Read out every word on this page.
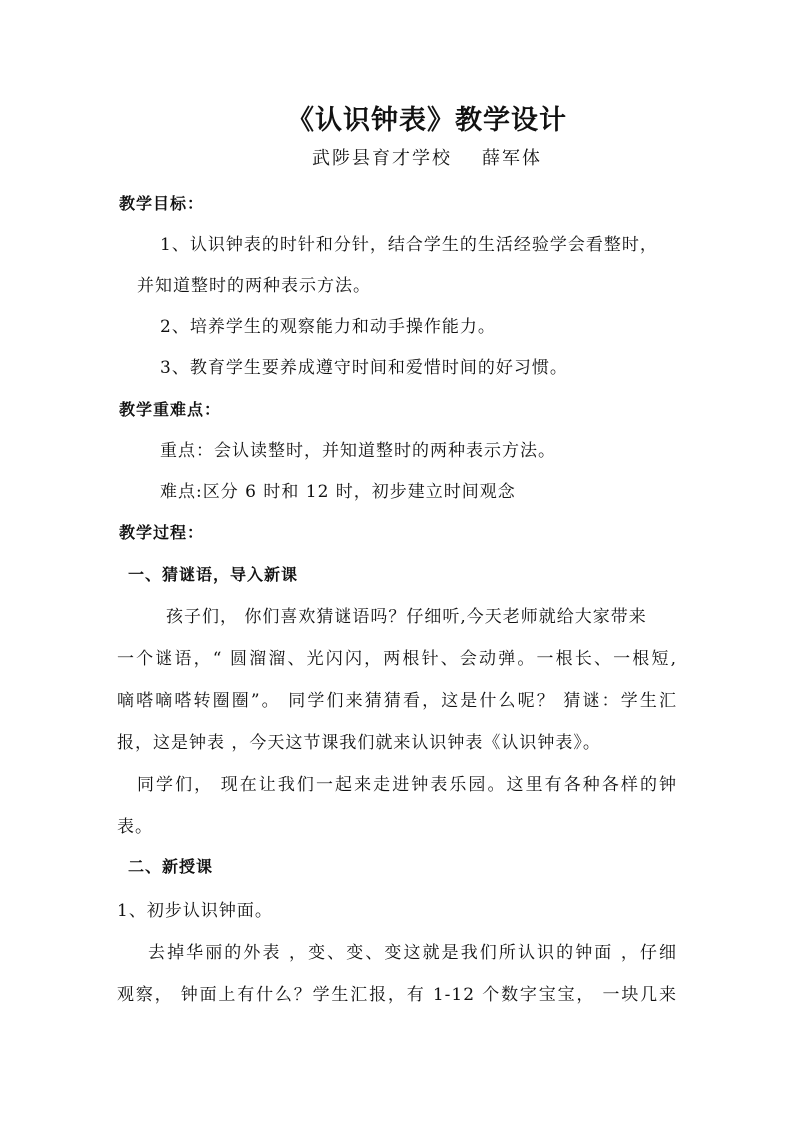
《认识钟表》教学设计
武陟县育才学校 薛军体
教学目标：
1、认识钟表的时针和分针，结合学生的生活经验学会看整时，
并知道整时的两种表示方法。
2、培养学生的观察能力和动手操作能力。
3、教育学生要养成遵守时间和爱惜时间的好习惯。
教学重难点：
重点：会认读整时，并知道整时的两种表示方法。
难点:区分 6 时和 12 时，初步建立时间观念
教学过程：
一、猜谜语，导入新课
孩子们， 你们喜欢猜谜语吗？仔细听,今天老师就给大家带来
一个谜语，“ 圆溜溜、光闪闪，两根针、会动弹。一根长、一根短,
嘀嗒嘀嗒转圈圈”。 同学们来猜猜看，这是什么呢？ 猜谜：学生汇
报，这是钟表 ，今天这节课我们就来认识钟表《认识钟表》。
同学们， 现在让我们一起来走进钟表乐园。这里有各种各样的钟
表。
二、新授课
1、初步认识钟面。
去掉华丽的外表 ，变、变、变这就是我们所认识的钟面 ，仔细
观察， 钟面上有什么？学生汇报，有 1-12 个数字宝宝， 一块几来
